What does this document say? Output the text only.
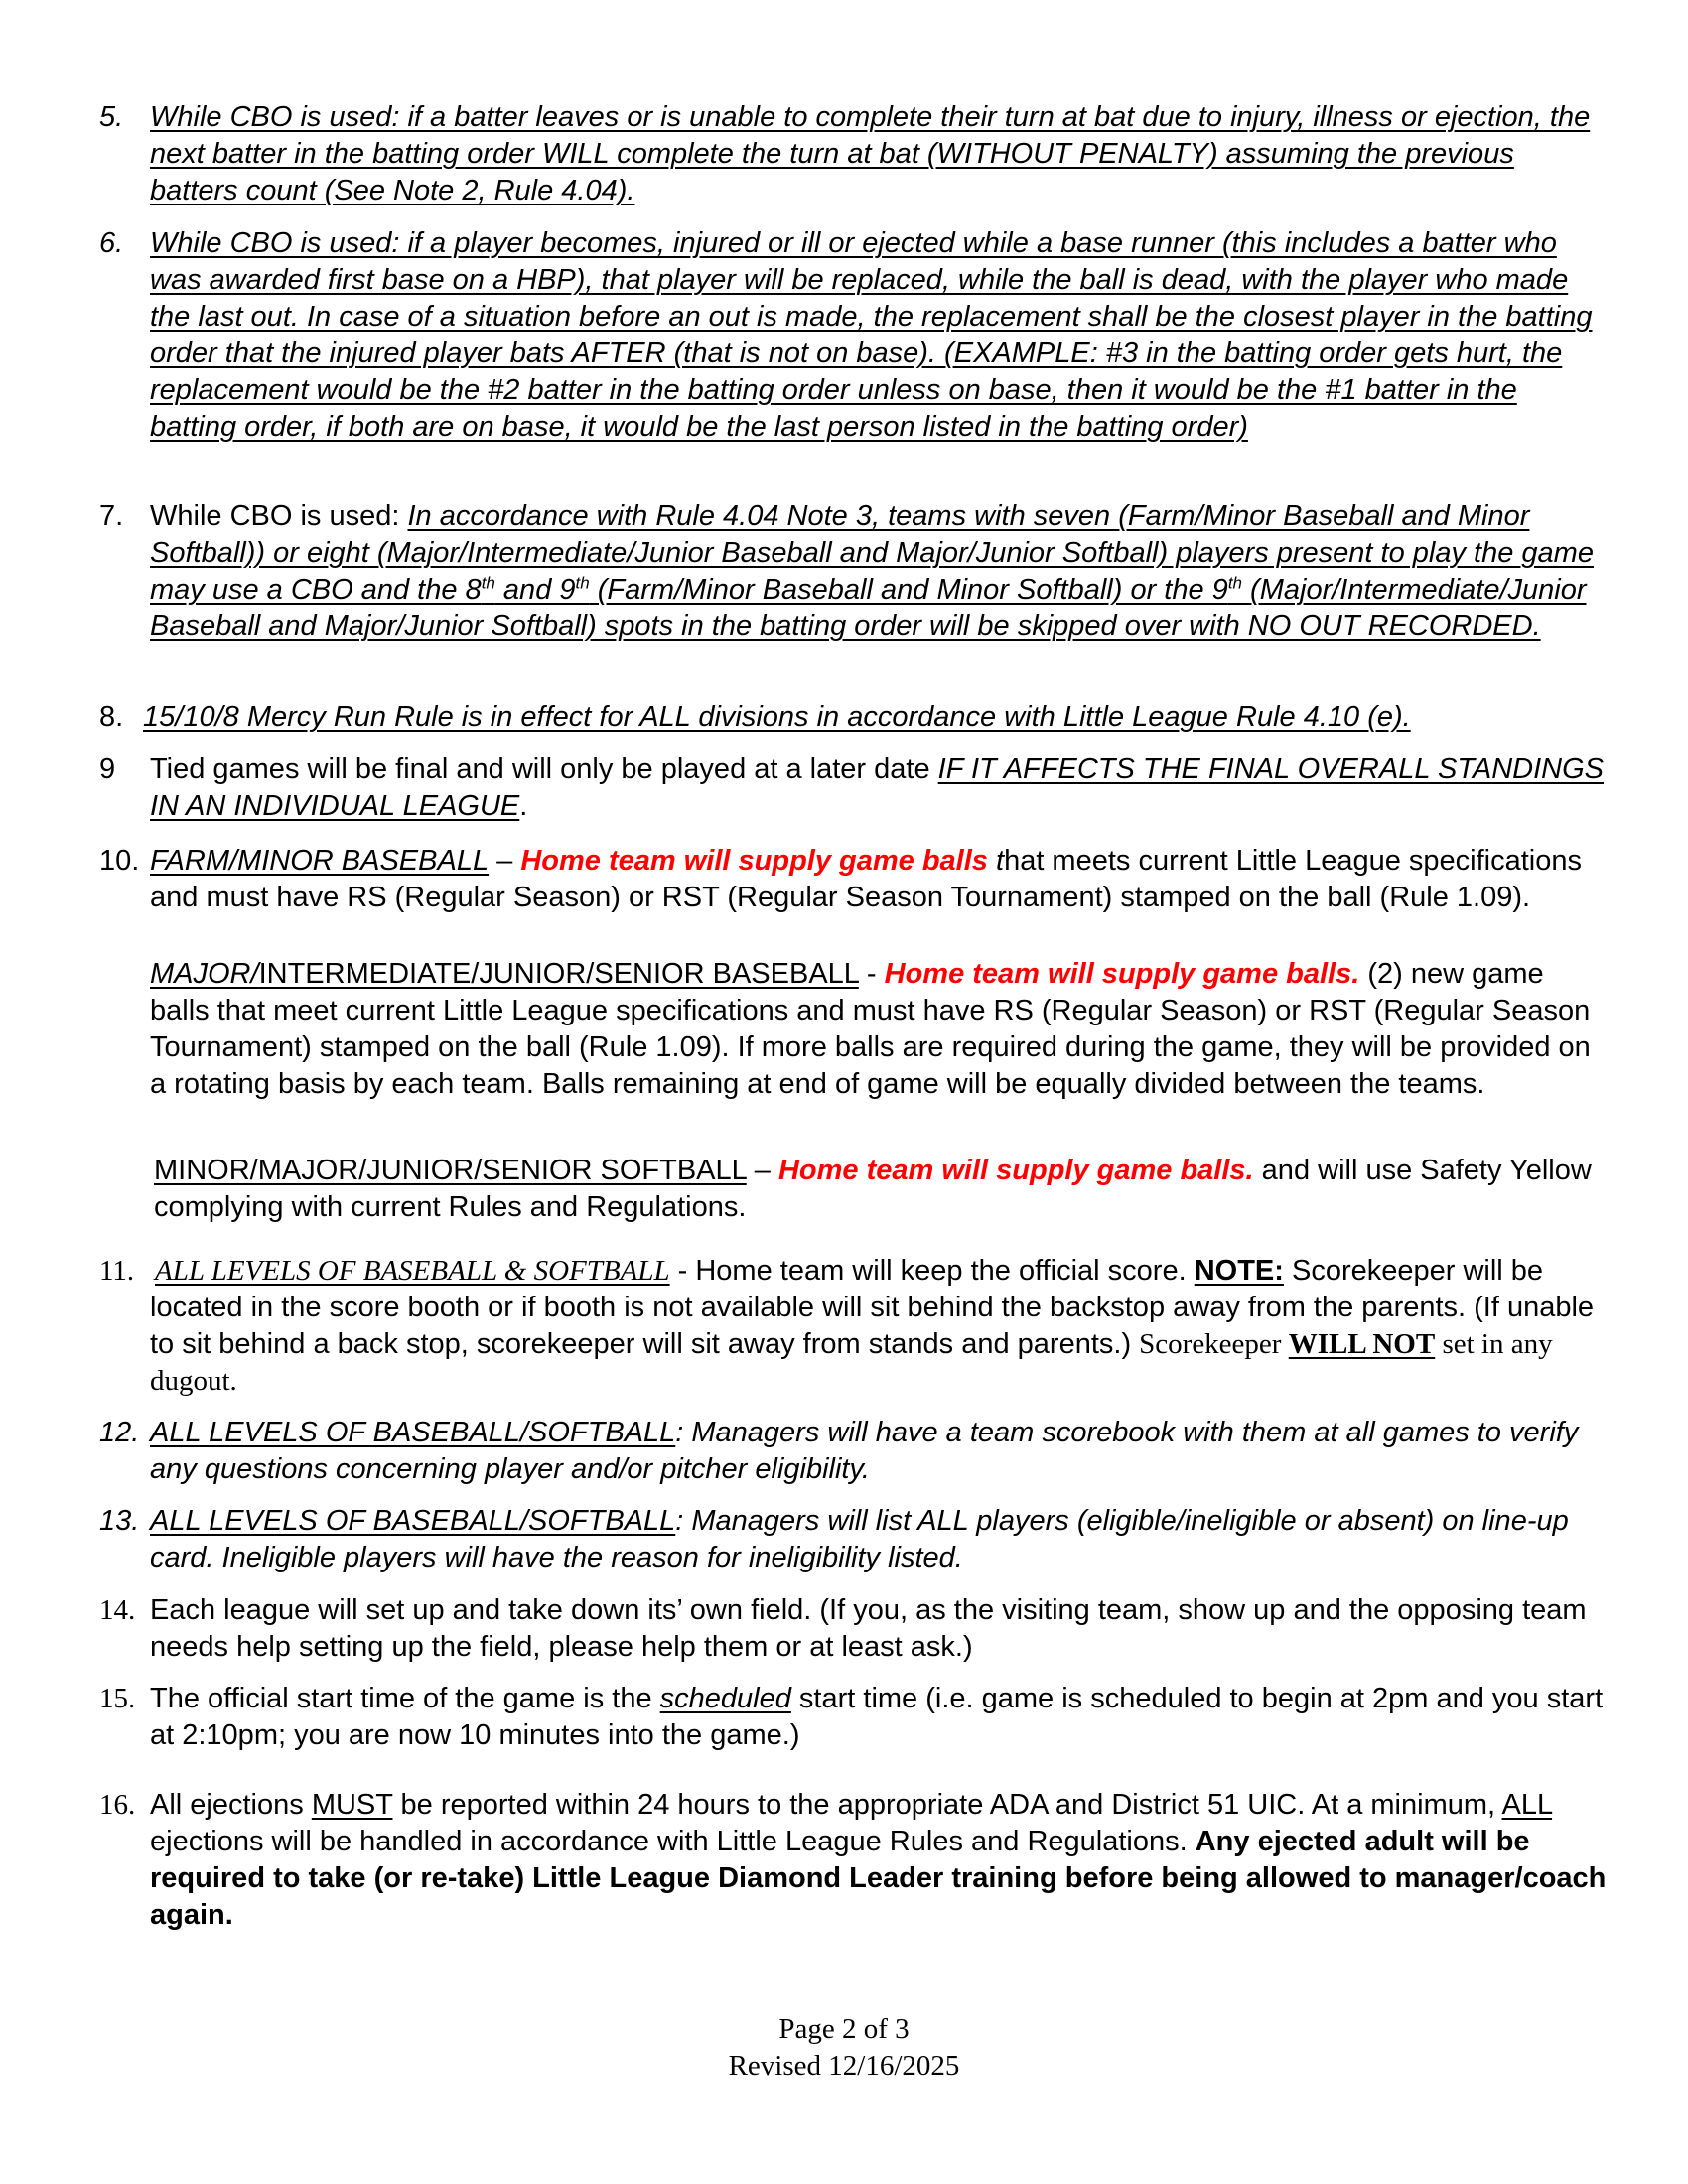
5. While CBO is used: if a batter leaves or is unable to complete their turn at bat due to injury, illness or ejection, the next batter in the batting order WILL complete the turn at bat (WITHOUT PENALTY) assuming the previous batters count (See Note 2, Rule 4.04).
6. While CBO is used: if a player becomes, injured or ill or ejected while a base runner (this includes a batter who was awarded first base on a HBP), that player will be replaced, while the ball is dead, with the player who made the last out. In case of a situation before an out is made, the replacement shall be the closest player in the batting order that the injured player bats AFTER (that is not on base). (EXAMPLE: #3 in the batting order gets hurt, the replacement would be the #2 batter in the batting order unless on base, then it would be the #1 batter in the batting order, if both are on base, it would be the last person listed in the batting order)
7. While CBO is used: In accordance with Rule 4.04 Note 3, teams with seven (Farm/Minor Baseball and Minor Softball)) or eight (Major/Intermediate/Junior Baseball and Major/Junior Softball) players present to play the game may use a CBO and the 8th and 9th (Farm/Minor Baseball and Minor Softball) or the 9th (Major/Intermediate/Junior Baseball and Major/Junior Softball) spots in the batting order will be skipped over with NO OUT RECORDED.
8. 15/10/8 Mercy Run Rule is in effect for ALL divisions in accordance with Little League Rule 4.10 (e).
9	Tied games will be final and will only be played at a later date IF IT AFFECTS THE FINAL OVERALL STANDINGS IN AN INDIVIDUAL LEAGUE.
10. FARM/MINOR BASEBALL – Home team will supply game balls that meets current Little League specifications and must have RS (Regular Season) or RST (Regular Season Tournament) stamped on the ball (Rule 1.09).
MAJOR/INTERMEDIATE/JUNIOR/SENIOR BASEBALL - Home team will supply game balls. (2) new game balls that meet current Little League specifications and must have RS (Regular Season) or RST (Regular Season Tournament) stamped on the ball (Rule 1.09). If more balls are required during the game, they will be provided on a rotating basis by each team. Balls remaining at end of game will be equally divided between the teams.
MINOR/MAJOR/JUNIOR/SENIOR SOFTBALL – Home team will supply game balls. and will use Safety Yellow complying with current Rules and Regulations.
11. ALL LEVELS OF BASEBALL & SOFTBALL - Home team will keep the official score. NOTE: Scorekeeper will be located in the score booth or if booth is not available will sit behind the backstop away from the parents. (If unable to sit behind a back stop, scorekeeper will sit away from stands and parents.) Scorekeeper WILL NOT set in any dugout.
12. ALL LEVELS OF BASEBALL/SOFTBALL: Managers will have a team scorebook with them at all games to verify any questions concerning player and/or pitcher eligibility.
13. ALL LEVELS OF BASEBALL/SOFTBALL: Managers will list ALL players (eligible/ineligible or absent) on line-up card. Ineligible players will have the reason for ineligibility listed.
14. Each league will set up and take down its’ own field. (If you, as the visiting team, show up and the opposing team needs help setting up the field, please help them or at least ask.)
15. The official start time of the game is the scheduled start time (i.e. game is scheduled to begin at 2pm and you start at 2:10pm; you are now 10 minutes into the game.)
16. All ejections MUST be reported within 24 hours to the appropriate ADA and District 51 UIC. At a minimum, ALL ejections will be handled in accordance with Little League Rules and Regulations. Any ejected adult will be required to take (or re-take) Little League Diamond Leader training before being allowed to manager/coach again.
Page 2 of 3
Revised 12/16/2025
